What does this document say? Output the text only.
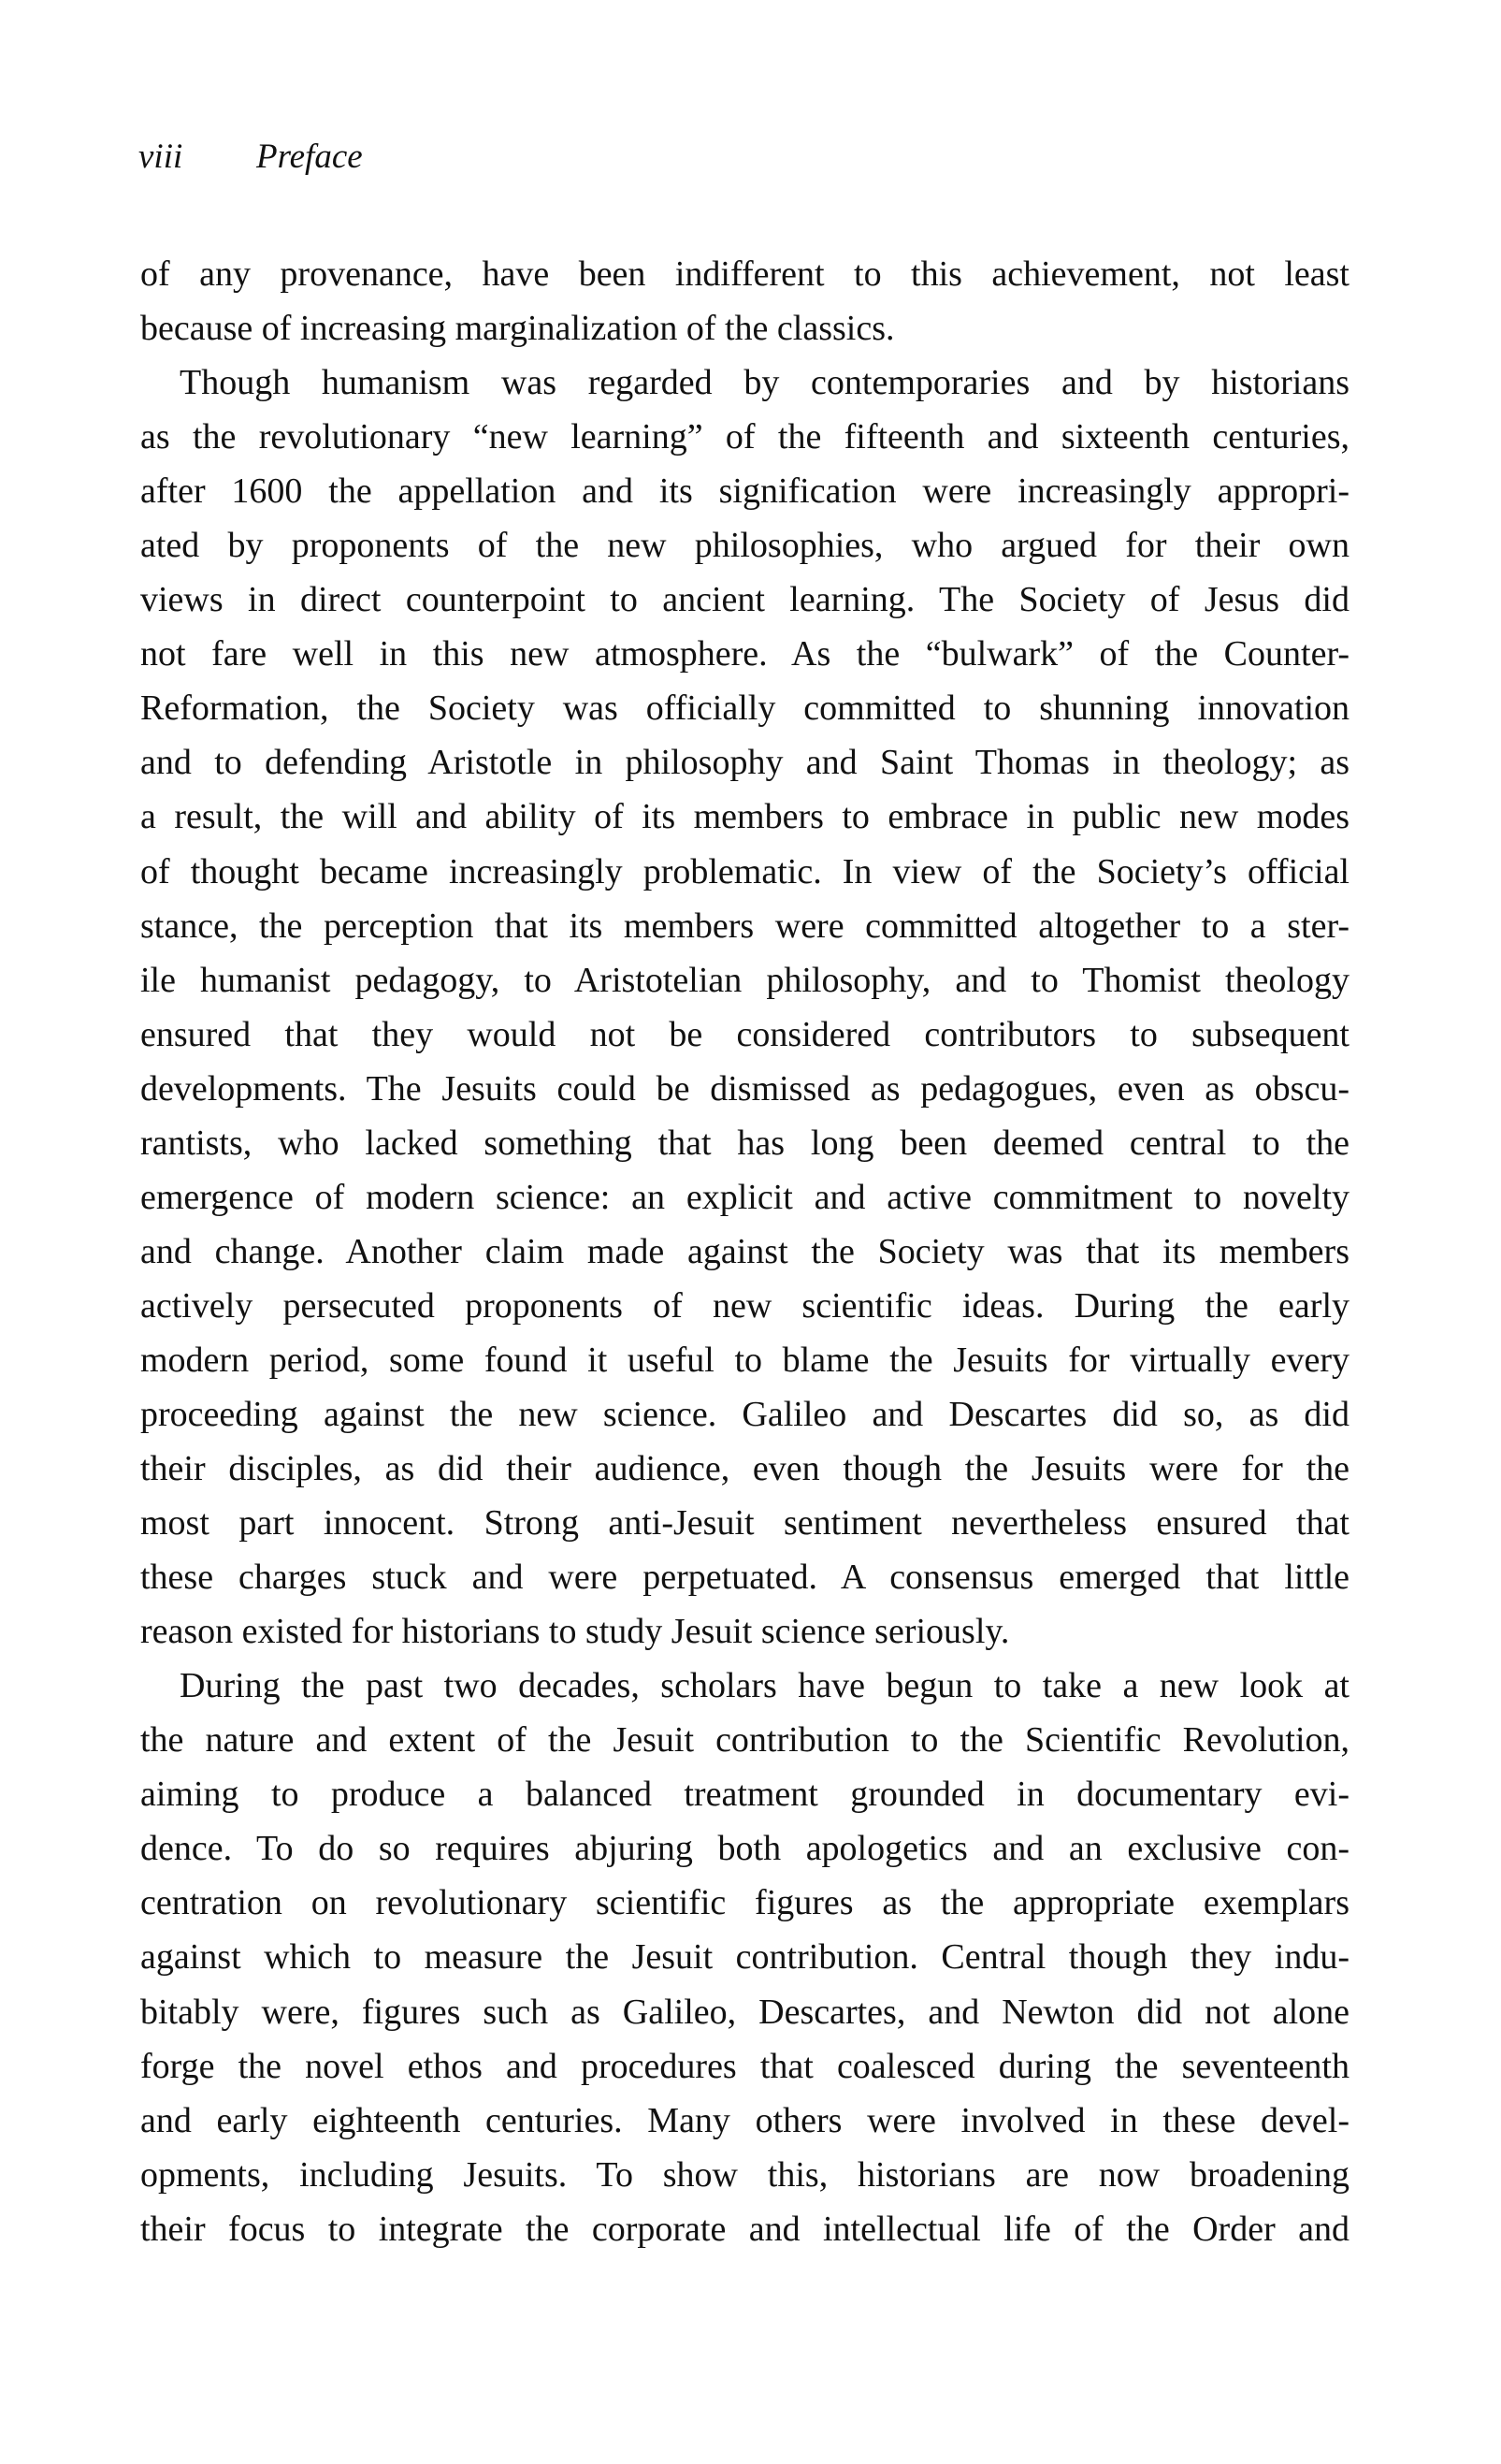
viii Preface
of any provenance, have been indifferent to this achievement, not least
because of increasing marginalization of the classics.
Though humanism was regarded by contemporaries and by historians
as the revolutionary “new learning” of the fifteenth and sixteenth centuries,
after 1600 the appellation and its signification were increasingly appropri-
ated by proponents of the new philosophies, who argued for their own
views in direct counterpoint to ancient learning. The Society of Jesus did
not fare well in this new atmosphere. As the “bulwark” of the Counter-
Reformation, the Society was officially committed to shunning innovation
and to defending Aristotle in philosophy and Saint Thomas in theology; as
a result, the will and ability of its members to embrace in public new modes
of thought became increasingly problematic. In view of the Society’s official
stance, the perception that its members were committed altogether to a ster-
ile humanist pedagogy, to Aristotelian philosophy, and to Thomist theology
ensured that they would not be considered contributors to subsequent
developments. The Jesuits could be dismissed as pedagogues, even as obscu-
rantists, who lacked something that has long been deemed central to the
emergence of modern science: an explicit and active commitment to novelty
and change. Another claim made against the Society was that its members
actively persecuted proponents of new scientific ideas. During the early
modern period, some found it useful to blame the Jesuits for virtually every
proceeding against the new science. Galileo and Descartes did so, as did
their disciples, as did their audience, even though the Jesuits were for the
most part innocent. Strong anti-Jesuit sentiment nevertheless ensured that
these charges stuck and were perpetuated. A consensus emerged that little
reason existed for historians to study Jesuit science seriously.
During the past two decades, scholars have begun to take a new look at
the nature and extent of the Jesuit contribution to the Scientific Revolution,
aiming to produce a balanced treatment grounded in documentary evi-
dence. To do so requires abjuring both apologetics and an exclusive con-
centration on revolutionary scientific figures as the appropriate exemplars
against which to measure the Jesuit contribution. Central though they indu-
bitably were, figures such as Galileo, Descartes, and Newton did not alone
forge the novel ethos and procedures that coalesced during the seventeenth
and early eighteenth centuries. Many others were involved in these devel-
opments, including Jesuits. To show this, historians are now broadening
their focus to integrate the corporate and intellectual life of the Order and
